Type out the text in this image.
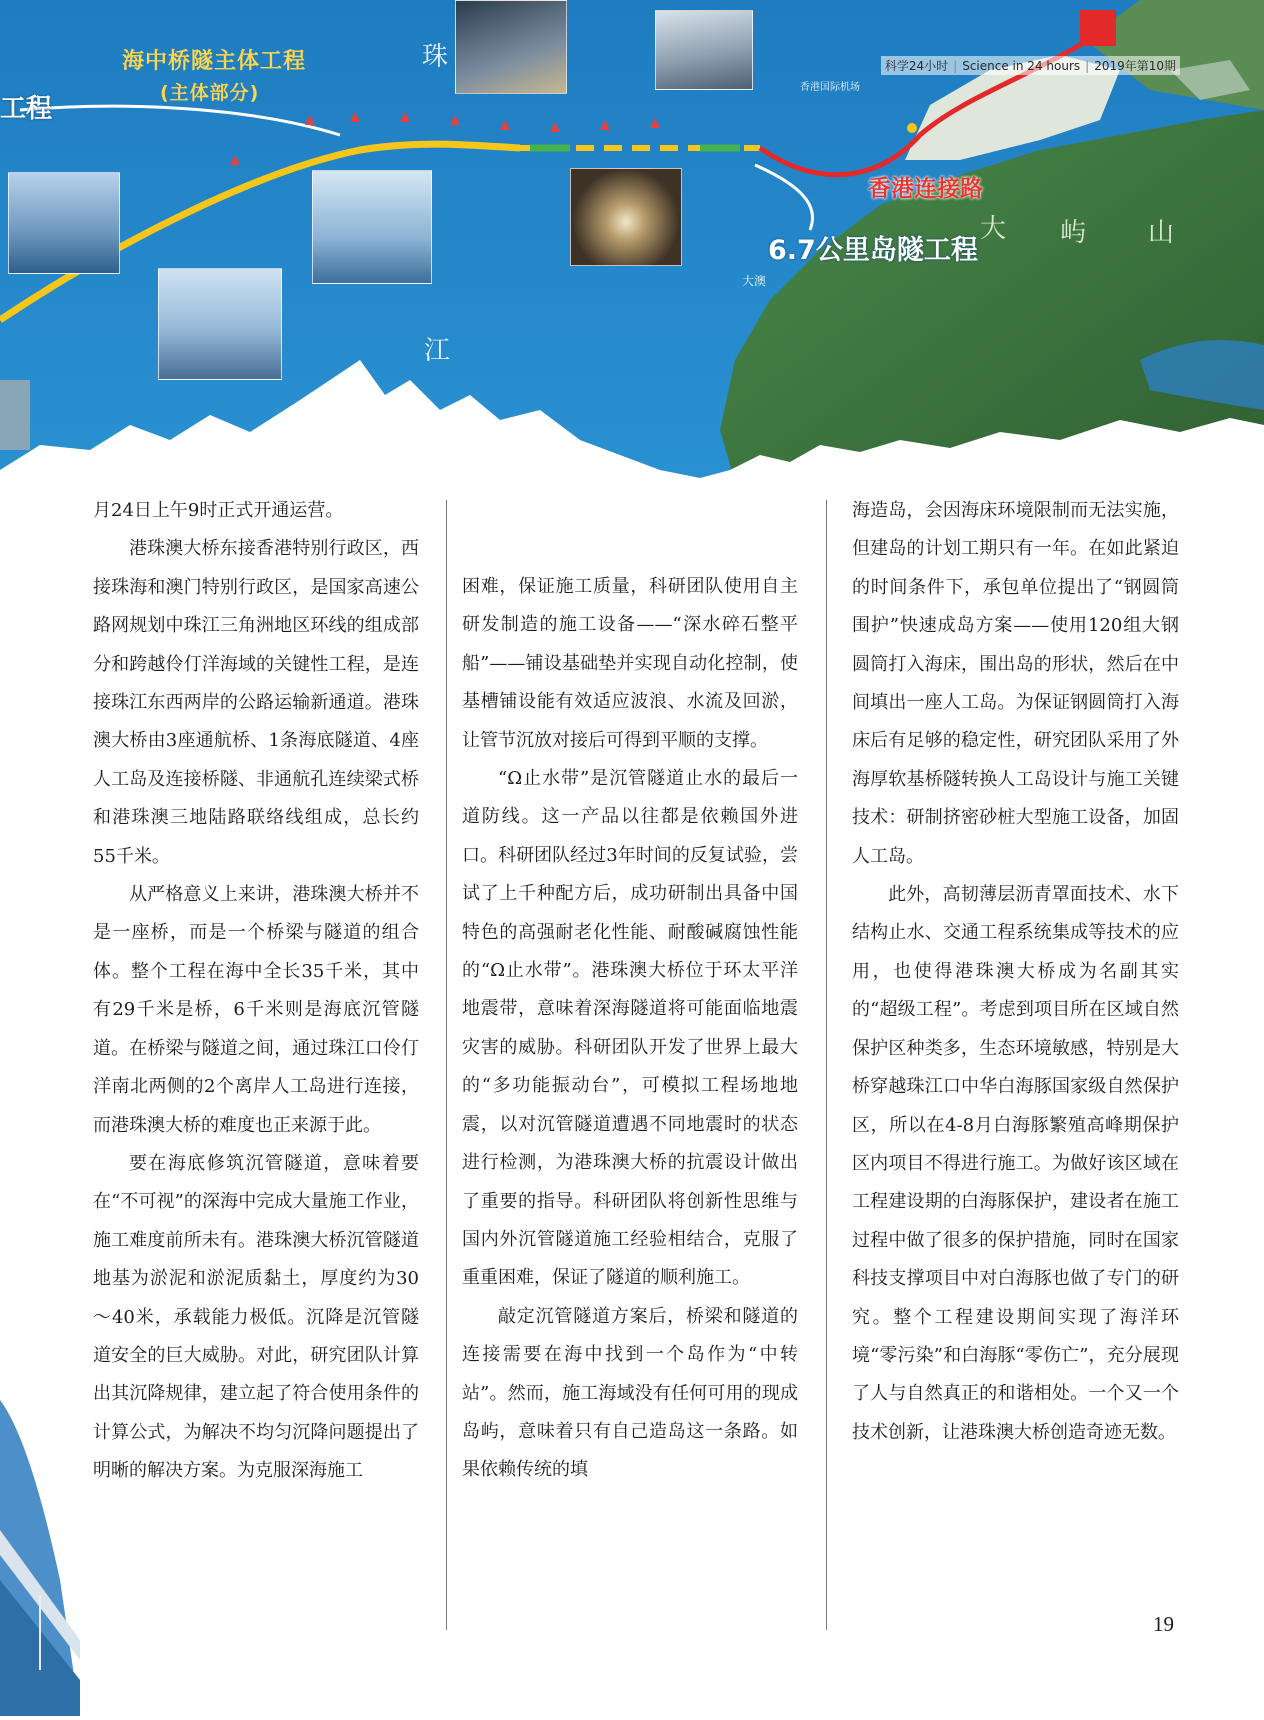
海中桥隧主体工程
(主体部分)
工程
香港连接路
6.7公里岛隧工程
珠
江
大 屿 山
香港国际机场
大澳
科学24小时 | Science in 24 hours | 2019年第10期

月24日上午9时正式开通运营。

港珠澳大桥东接香港特别行政区，西接珠海和澳门特别行政区，是国家高速公路网规划中珠江三角洲地区环线的组成部分和跨越伶仃洋海域的关键性工程，是连接珠江东西两岸的公路运输新通道。港珠澳大桥由3座通航桥、1条海底隧道、4座人工岛及连接桥隧、非通航孔连续梁式桥和港珠澳三地陆路联络线组成，总长约55千米。

从严格意义上来讲，港珠澳大桥并不是一座桥，而是一个桥梁与隧道的组合体。整个工程在海中全长35千米，其中有29千米是桥，6千米则是海底沉管隧道。在桥梁与隧道之间，通过珠江口伶仃洋南北两侧的2个离岸人工岛进行连接，而港珠澳大桥的难度也正来源于此。

要在海底修筑沉管隧道，意味着要在“不可视”的深海中完成大量施工作业，施工难度前所未有。港珠澳大桥沉管隧道地基为淤泥和淤泥质黏土，厚度约为30～40米，承载能力极低。沉降是沉管隧道安全的巨大威胁。对此，研究团队计算出其沉降规律，建立起了符合使用条件的计算公式，为解决不均匀沉降问题提出了明晰的解决方案。为克服深海施工

困难，保证施工质量，科研团队使用自主研发制造的施工设备——“深水碎石整平船”——铺设基础垫并实现自动化控制，使基槽铺设能有效适应波浪、水流及回淤，让管节沉放对接后可得到平顺的支撑。

“Ω止水带”是沉管隧道止水的最后一道防线。这一产品以往都是依赖国外进口。科研团队经过3年时间的反复试验，尝试了上千种配方后，成功研制出具备中国特色的高强耐老化性能、耐酸碱腐蚀性能的“Ω止水带”。港珠澳大桥位于环太平洋地震带，意味着深海隧道将可能面临地震灾害的威胁。科研团队开发了世界上最大的“多功能振动台”，可模拟工程场地地震，以对沉管隧道遭遇不同地震时的状态进行检测，为港珠澳大桥的抗震设计做出了重要的指导。科研团队将创新性思维与国内外沉管隧道施工经验相结合，克服了重重困难，保证了隧道的顺利施工。

敲定沉管隧道方案后，桥梁和隧道的连接需要在海中找到一个岛作为“中转站”。然而，施工海域没有任何可用的现成岛屿，意味着只有自己造岛这一条路。如果依赖传统的填

海造岛，会因海床环境限制而无法实施，但建岛的计划工期只有一年。在如此紧迫的时间条件下，承包单位提出了“钢圆筒围护”快速成岛方案——使用120组大钢圆筒打入海床，围出岛的形状，然后在中间填出一座人工岛。为保证钢圆筒打入海床后有足够的稳定性，研究团队采用了外海厚软基桥隧转换人工岛设计与施工关键技术：研制挤密砂桩大型施工设备，加固人工岛。

此外，高韧薄层沥青罩面技术、水下结构止水、交通工程系统集成等技术的应用，也使得港珠澳大桥成为名副其实的“超级工程”。考虑到项目所在区域自然保护区种类多，生态环境敏感，特别是大桥穿越珠江口中华白海豚国家级自然保护区，所以在4-8月白海豚繁殖高峰期保护区内项目不得进行施工。为做好该区域在工程建设期的白海豚保护，建设者在施工过程中做了很多的保护措施，同时在国家科技支撑项目中对白海豚也做了专门的研究。整个工程建设期间实现了海洋环境“零污染”和白海豚“零伤亡”，充分展现了人与自然真正的和谐相处。一个又一个技术创新，让港珠澳大桥创造奇迹无数。

19
